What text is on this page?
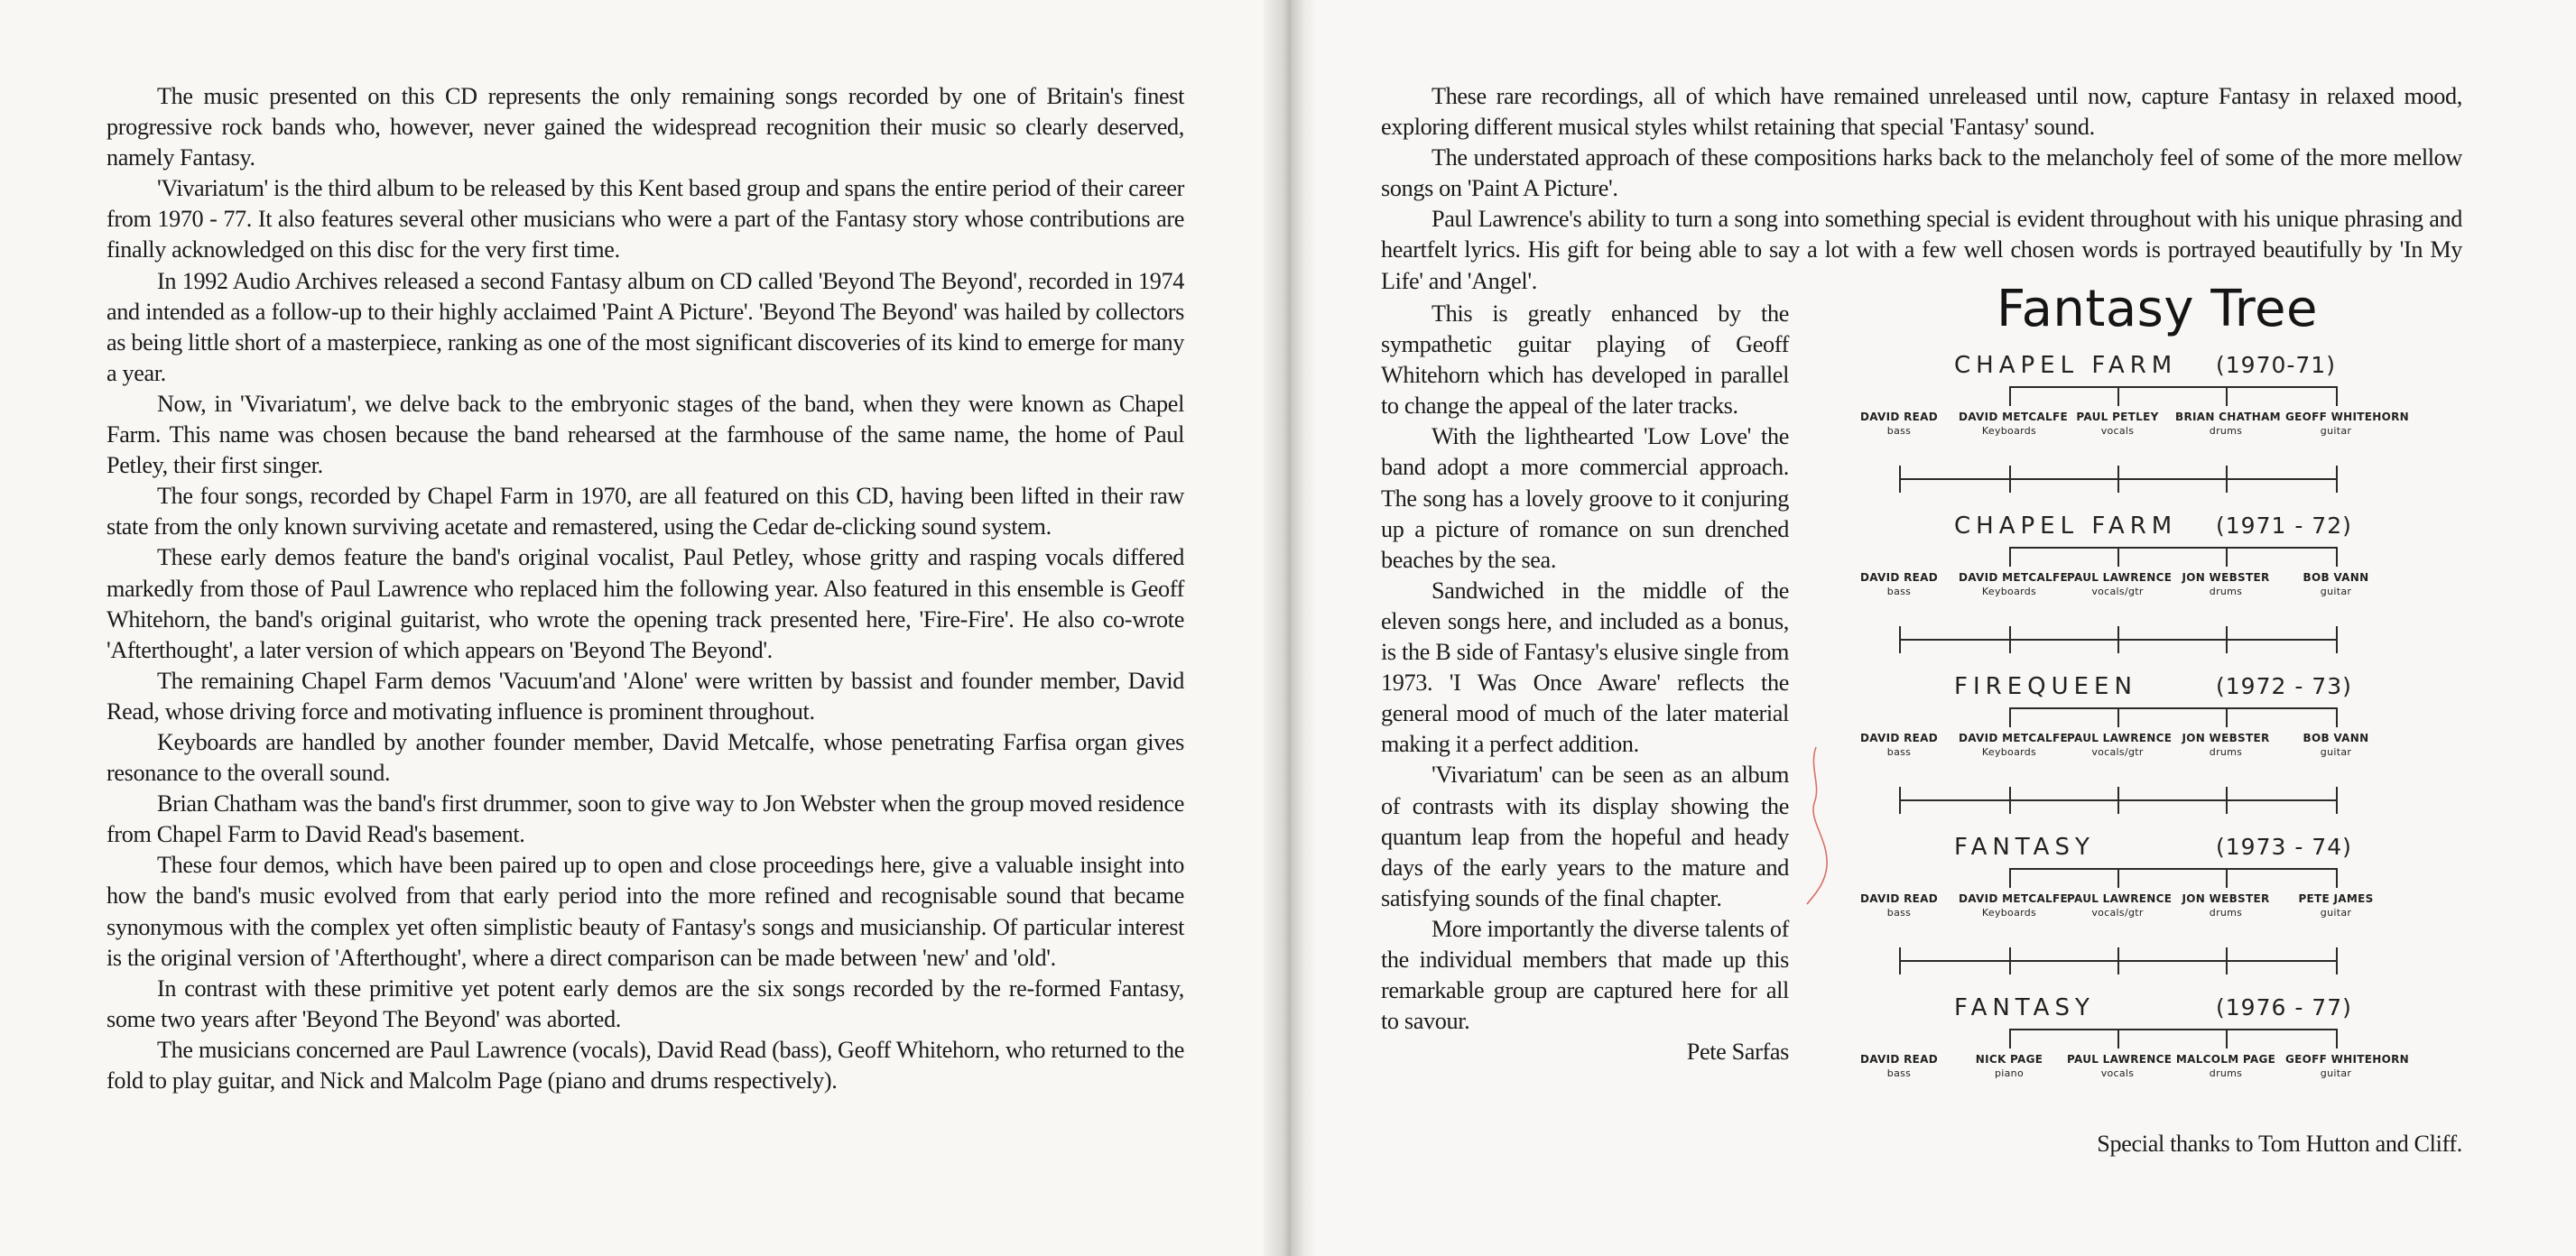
The music presented on this CD represents the only remaining songs recorded by one of Britain's finest progressive rock bands who, however, never gained the widespread recognition their music so clearly deserved, namely Fantasy.

'Vivariatum' is the third album to be released by this Kent based group and spans the entire period of their career from 1970 - 77. It also features several other musicians who were a part of the Fantasy story whose contributions are finally acknowledged on this disc for the very first time.

In 1992 Audio Archives released a second Fantasy album on CD called 'Beyond The Beyond', recorded in 1974 and intended as a follow-up to their highly acclaimed 'Paint A Picture'. 'Beyond The Beyond' was hailed by collectors as being little short of a masterpiece, ranking as one of the most significant discoveries of its kind to emerge for many a year.

Now, in 'Vivariatum', we delve back to the embryonic stages of the band, when they were known as Chapel Farm. This name was chosen because the band rehearsed at the farmhouse of the same name, the home of Paul Petley, their first singer.

The four songs, recorded by Chapel Farm in 1970, are all featured on this CD, having been lifted in their raw state from the only known surviving acetate and remastered, using the Cedar de-clicking sound system.

These early demos feature the band's original vocalist, Paul Petley, whose gritty and rasping vocals differed markedly from those of Paul Lawrence who replaced him the following year. Also featured in this ensemble is Geoff Whitehorn, the band's original guitarist, who wrote the opening track presented here, 'Fire-Fire'. He also co-wrote 'Afterthought', a later version of which appears on 'Beyond The Beyond'.

The remaining Chapel Farm demos 'Vacuum'and 'Alone' were written by bassist and founder member, David Read, whose driving force and motivating influence is prominent throughout.

Keyboards are handled by another founder member, David Metcalfe, whose penetrating Farfisa organ gives resonance to the overall sound.

Brian Chatham was the band's first drummer, soon to give way to Jon Webster when the group moved residence from Chapel Farm to David Read's basement.

These four demos, which have been paired up to open and close proceedings here, give a valuable insight into how the band's music evolved from that early period into the more refined and recognisable sound that became synonymous with the complex yet often simplistic beauty of Fantasy's songs and musicianship. Of particular interest is the original version of 'Afterthought', where a direct comparison can be made between 'new' and 'old'.

In contrast with these primitive yet potent early demos are the six songs recorded by the re-formed Fantasy, some two years after 'Beyond The Beyond' was aborted.

The musicians concerned are Paul Lawrence (vocals), David Read (bass), Geoff Whitehorn, who returned to the fold to play guitar, and Nick and Malcolm Page (piano and drums respectively).

These rare recordings, all of which have remained unreleased until now, capture Fantasy in relaxed mood, exploring different musical styles whilst retaining that special 'Fantasy' sound.

The understated approach of these compositions harks back to the melancholy feel of some of the more mellow songs on 'Paint A Picture'.

Paul Lawrence's ability to turn a song into something special is evident throughout with his unique phrasing and heartfelt lyrics. His gift for being able to say a lot with a few well chosen words is portrayed beautifully by 'In My Life' and 'Angel'.

This is greatly enhanced by the sympathetic guitar playing of Geoff Whitehorn which has developed in parallel to change the appeal of the later tracks.

With the lighthearted 'Low Love' the band adopt a more commercial approach. The song has a lovely groove to it conjuring up a picture of romance on sun drenched beaches by the sea.

Sandwiched in the middle of the eleven songs here, and included as a bonus, is the B side of Fantasy's elusive single from 1973. 'I Was Once Aware' reflects the general mood of much of the later material making it a perfect addition.

'Vivariatum' can be seen as an album of contrasts with its display showing the quantum leap from the hopeful and heady days of the early years to the mature and satisfying sounds of the final chapter.

More importantly the diverse talents of the individual members that made up this remarkable group are captured here for all to savour.

Pete Sarfas

Special thanks to Tom Hutton and Cliff.
Fantasy Tree
CHAPEL FARM (1970-71)
DAVID READ
bass
DAVID METCALFE
Keyboards
PAUL PETLEY
vocals
BRIAN CHATHAM
drums
GEOFF WHITEHORN
guitar
CHAPEL FARM (1971 - 72)
DAVID READ
bass
DAVID METCALFE
Keyboards
PAUL LAWRENCE
vocals/gtr
JON WEBSTER
drums
BOB VANN
guitar
FIREQUEEN	(1972 - 73)
DAVID READ
bass
DAVID METCALFE
Keyboards
PAUL LAWRENCE
vocals/gtr
JON WEBSTER
drums
BOB VANN
guitar
FANTASY	(1973 - 74)
DAVID READ
bass
DAVID METCALFE
Keyboards
PAUL LAWRENCE
vocals/gtr
JON WEBSTER
drums
PETE JAMES
guitar
FANTASY	(1976 - 77)
DAVID READ
bass
NICK PAGE
piano
PAUL LAWRENCE
vocals
MALCOLM PAGE
drums
GEOFF WHITEHORN
guitar
